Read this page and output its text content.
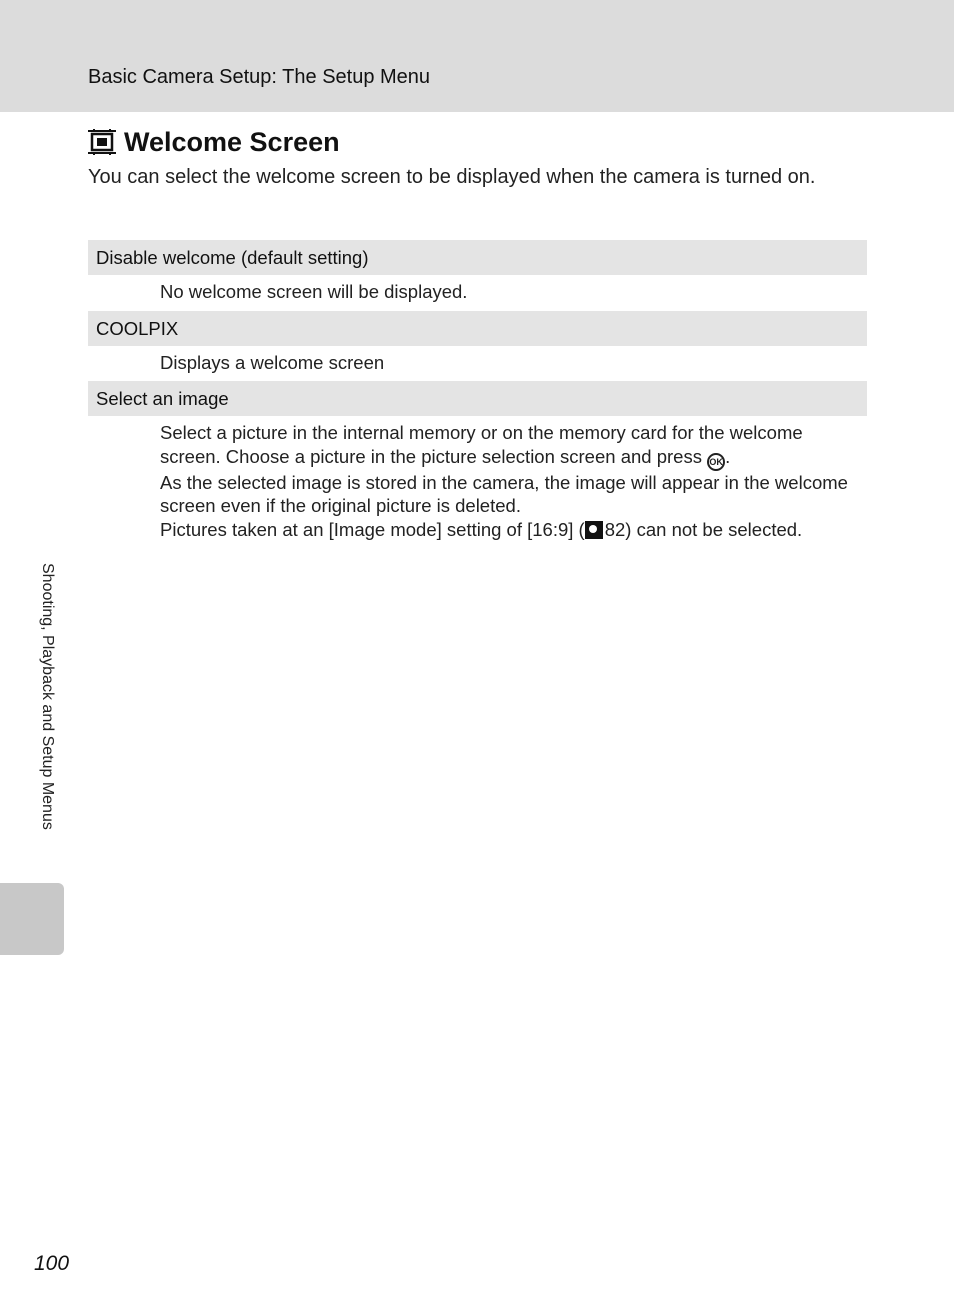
Basic Camera Setup: The Setup Menu
Welcome Screen
You can select the welcome screen to be displayed when the camera is turned on.
Disable welcome (default setting)

No welcome screen will be displayed.

COOLPIX

Displays a welcome screen

Select an image

Select a picture in the internal memory or on the memory card for the welcome screen. Choose a picture in the picture selection screen and press OK .

As the selected image is stored in the camera, the image will appear in the welcome screen even if the original picture is deleted.

Pictures taken at an [Image mode] setting of [16:9] ( 82) can not be selected.

Shooting, Playback and Setup Menus
100
